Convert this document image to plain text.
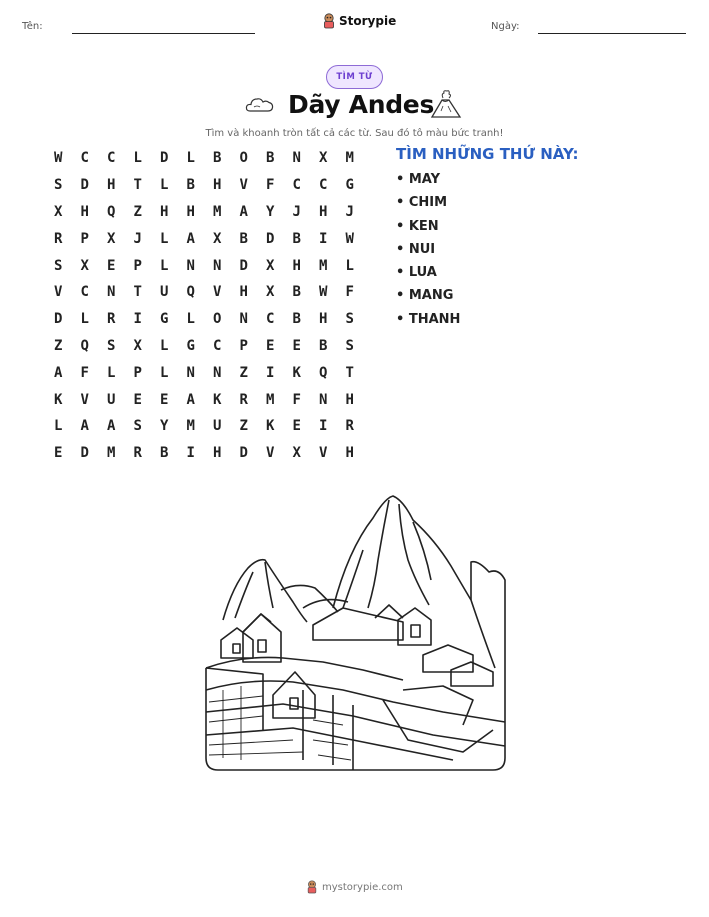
Tên:	Storypie	Ngày:
TÌM TỪ
Dãy Andes
Tìm và khoanh tròn tất cả các từ. Sau đó tô màu bức tranh!
W	C	C	L	D	L	B	O	B	N	X	M
S	D	H	T	L	B	H	V	F	C	C	G
X	H	Q	Z	H	H	M	A	Y	J	H	J
R	P	X	J	L	A	X	B	D	B	I	W
S	X	E	P	L	N	N	D	X	H	M	L
V	C	N	T	U	Q	V	H	X	B	W	F
D	L	R	I	G	L	O	N	C	B	H	S
Z	Q	S	X	L	G	C	P	E	E	B	S
A	F	L	P	L	N	N	Z	I	K	Q	T
K	V	U	E	E	A	K	R	M	F	N	H
L	A	A	S	Y	M	U	Z	K	E	I	R
E	D	M	R	B	I	H	D	V	X	V	H
TÌM NHỮNG THỨ NÀY:
• MAY
• CHIM
• KEN
• NUI
• LUA
• MANG
• THANH
mystorypie.com
